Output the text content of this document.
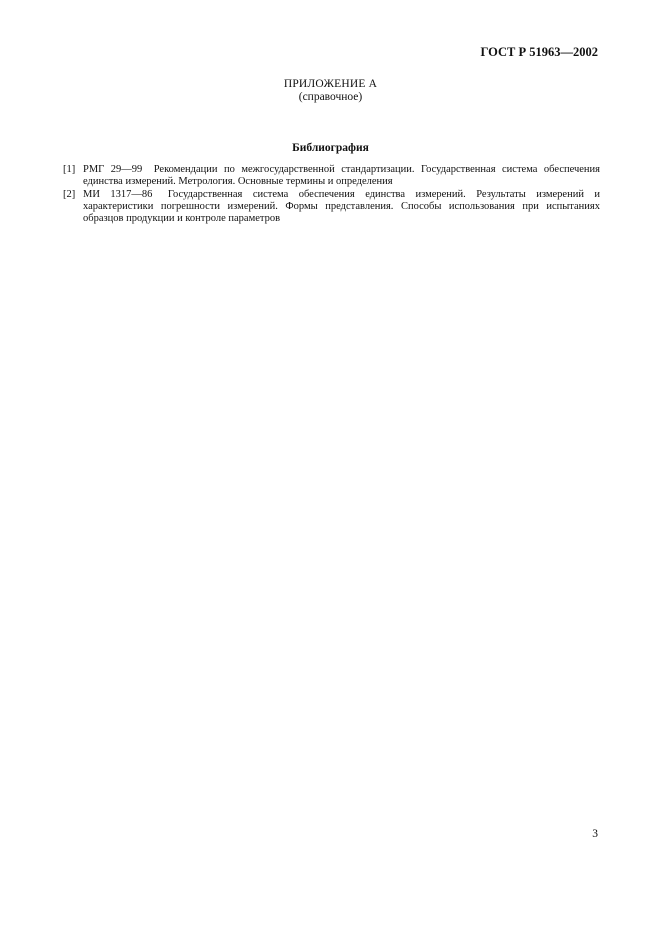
ГОСТ Р 51963—2002
ПРИЛОЖЕНИЕ А
(справочное)
Библиография
[1] РМГ 29—99 Рекомендации по межгосударственной стандартизации. Государственная система обеспечения единства измерений. Метрология. Основные термины и определения
[2] МИ 1317—86 Государственная система обеспечения единства измерений. Результаты измерений и характеристики погрешности измерений. Формы представления. Способы использования при испытаниях образцов продукции и контроле параметров
3
